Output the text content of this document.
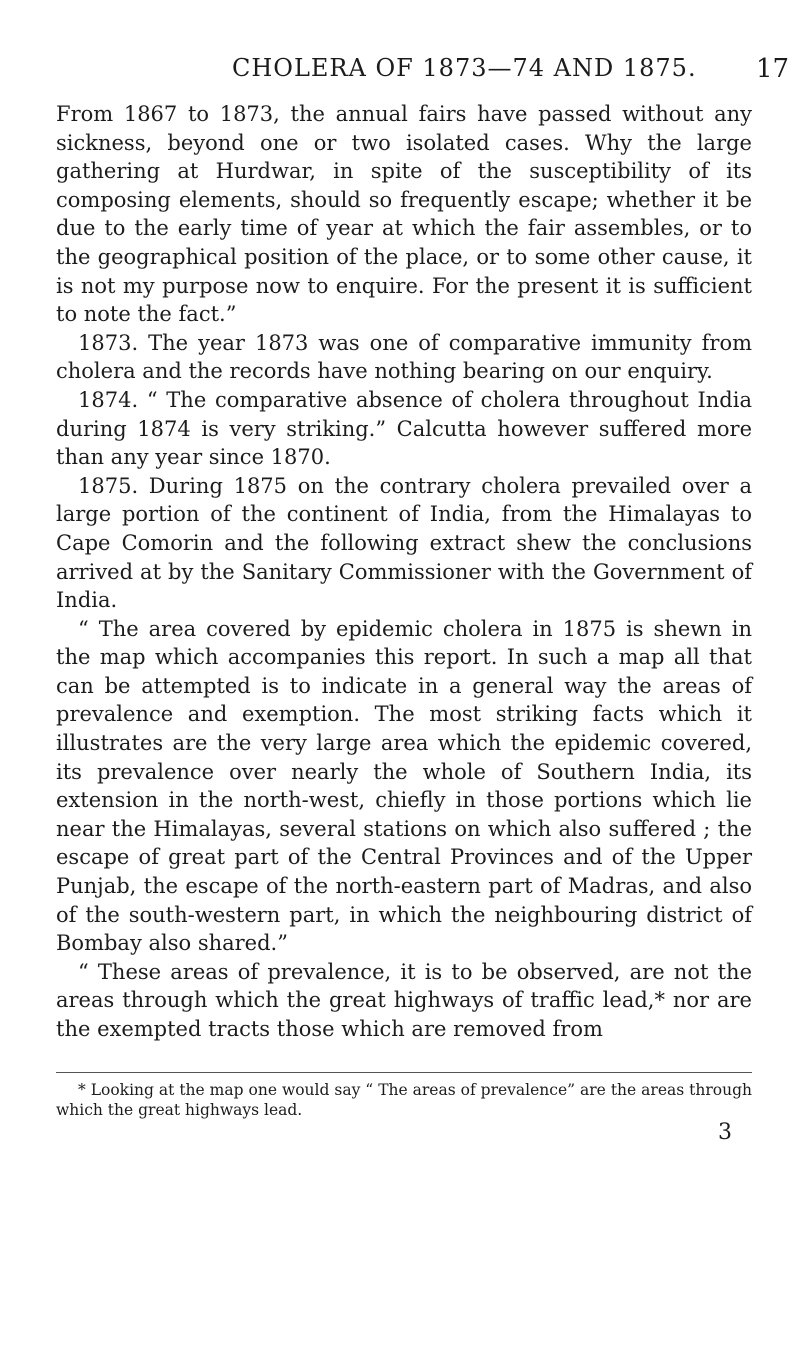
CHOLERA OF 1873—74 AND 1875. 17

From 1867 to 1873, the annual fairs have passed without any sickness, beyond one or two isolated cases. Why the large gathering at Hurdwar, in spite of the susceptibility of its composing elements, should so frequently escape; whether it be due to the early time of year at which the fair assembles, or to the geographical position of the place, or to some other cause, it is not my purpose now to enquire. For the present it is sufficient to note the fact.”

1873. The year 1873 was one of comparative immunity from cholera and the records have nothing bearing on our enquiry.

1874. “ The comparative absence of cholera throughout India during 1874 is very striking.” Calcutta however suffered more than any year since 1870.

1875. During 1875 on the contrary cholera prevailed over a large portion of the continent of India, from the Himalayas to Cape Comorin and the following extract shew the conclusions arrived at by the Sanitary Commissioner with the Government of India.

“ The area covered by epidemic cholera in 1875 is shewn in the map which accompanies this report. In such a map all that can be attempted is to indicate in a general way the areas of prevalence and exemption. The most striking facts which it illustrates are the very large area which the epidemic covered, its prevalence over nearly the whole of Southern India, its extension in the north-west, chiefly in those portions which lie near the Himalayas, several stations on which also suffered ; the escape of great part of the Central Provinces and of the Upper Punjab, the escape of the north-eastern part of Madras, and also of the south-western part, in which the neighbouring district of Bombay also shared.”

“ These areas of prevalence, it is to be observed, are not the areas through which the great highways of traffic lead,* nor are the exempted tracts those which are removed from

* Looking at the map one would say “ The areas of prevalence” are the areas through which the great highways lead.

3
